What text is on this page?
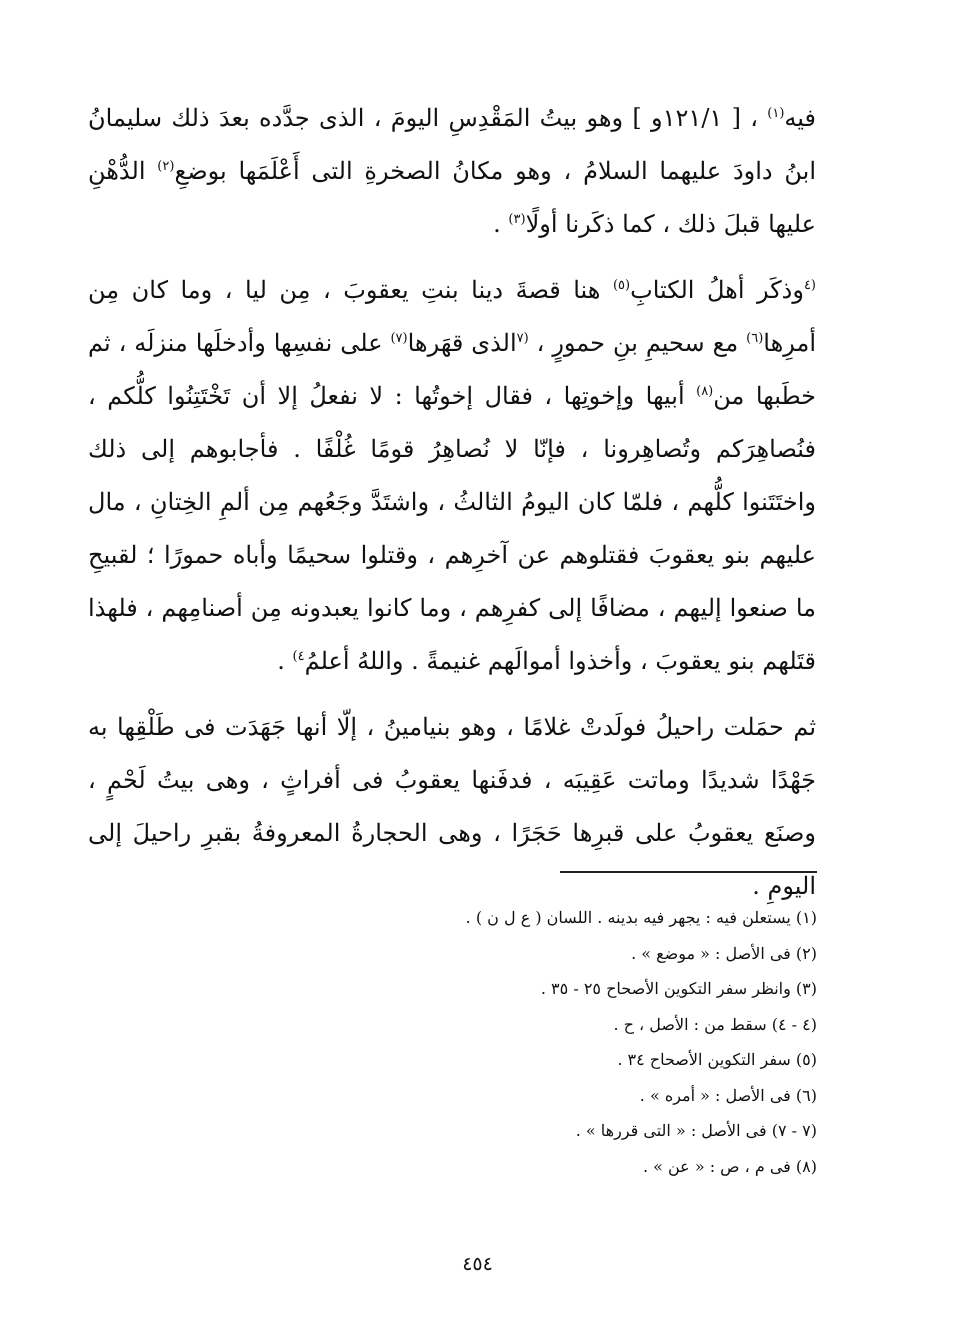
فيه$^{(١)}$ ، [ ١٢١/١و ] وهو بيتُ المَقْدِسِ اليومَ ، الذى جدَّده بعدَ ذلك سليمانُ ابنُ داودَ عليهما السلامُ ، وهو مكانُ الصخرةِ التى أَعْلَمَها بوضعِ$^{(٢)}$ الدُّهْنِ عليها قبلَ ذلك ، كما ذكَرنا أولًا$^{(٣)}$ .

$^{(٤}$وذكَر أهلُ الكتابِ$^{(٥)}$ هنا قصةَ دينا بنتِ يعقوبَ ، مِن ليا ، وما كان مِن أمرِها$^{(٦)}$ مع سحيمِ بنِ حمورٍ ، $^{(٧}$الذى قهَرها$^{(٧)}$ على نفسِها وأدخلَها منزلَه ، ثم خطَبها من$^{(٨)}$ أبيها وإخوتِها ، فقال إخوتُها : لا نفعلُ إلا أن تَخْتَتِنُوا كلُّكم ، فنُصاهِرَكم وتُصاهِرونا ، فإنّا لا نُصاهِرُ قومًا غُلْفًا . فأجابوهم إلى ذلك واختَتَنوا كلُّهم ، فلمّا كان اليومُ الثالثُ ، واشتَدَّ وجَعُهم مِن ألمِ الخِتانِ ، مال عليهم بنو يعقوبَ فقتلوهم عن آخرِهم ، وقتلوا سحيمًا وأباه حمورًا ؛ لقبيحِ ما صنعوا إليهم ، مضافًا إلى كفرِهم ، وما كانوا يعبدونه مِن أصنامِهم ، فلهذا قتَلهم بنو يعقوبَ ، وأخذوا أموالَهم غنيمةً . واللهُ أعلمُ$^{٤)}$ .

ثم حمَلت راحيلُ فولَدتْ غلامًا ، وهو بنيامينُ ، إلّا أنها جَهَدَت فى طَلْقِها به جَهْدًا شديدًا وماتت عَقِيبَه ، فدفَنها يعقوبُ فى أفراثٍ ، وهى بيتُ لَحْمٍ ، وصنَع يعقوبُ على قبرِها حَجَرًا ، وهى الحجارةُ المعروفةُ بقبرِ راحيلَ إلى اليومِ .

(١) يستعلن فيه : يجهر فيه بدينه . اللسان ( ع ل ن ) .
(٢) فى الأصل : « موضع » .
(٣) وانظر سفر التكوين الأصحاح ٢٥ - ٣٥ .
(٤ - ٤) سقط من : الأصل ، ح .
(٥) سفر التكوين الأصحاح ٣٤ .
(٦) فى الأصل : « أمره » .
(٧ - ٧) فى الأصل : « التى قررها » .
(٨) فى م ، ص : « عن » .
٤٥٤
